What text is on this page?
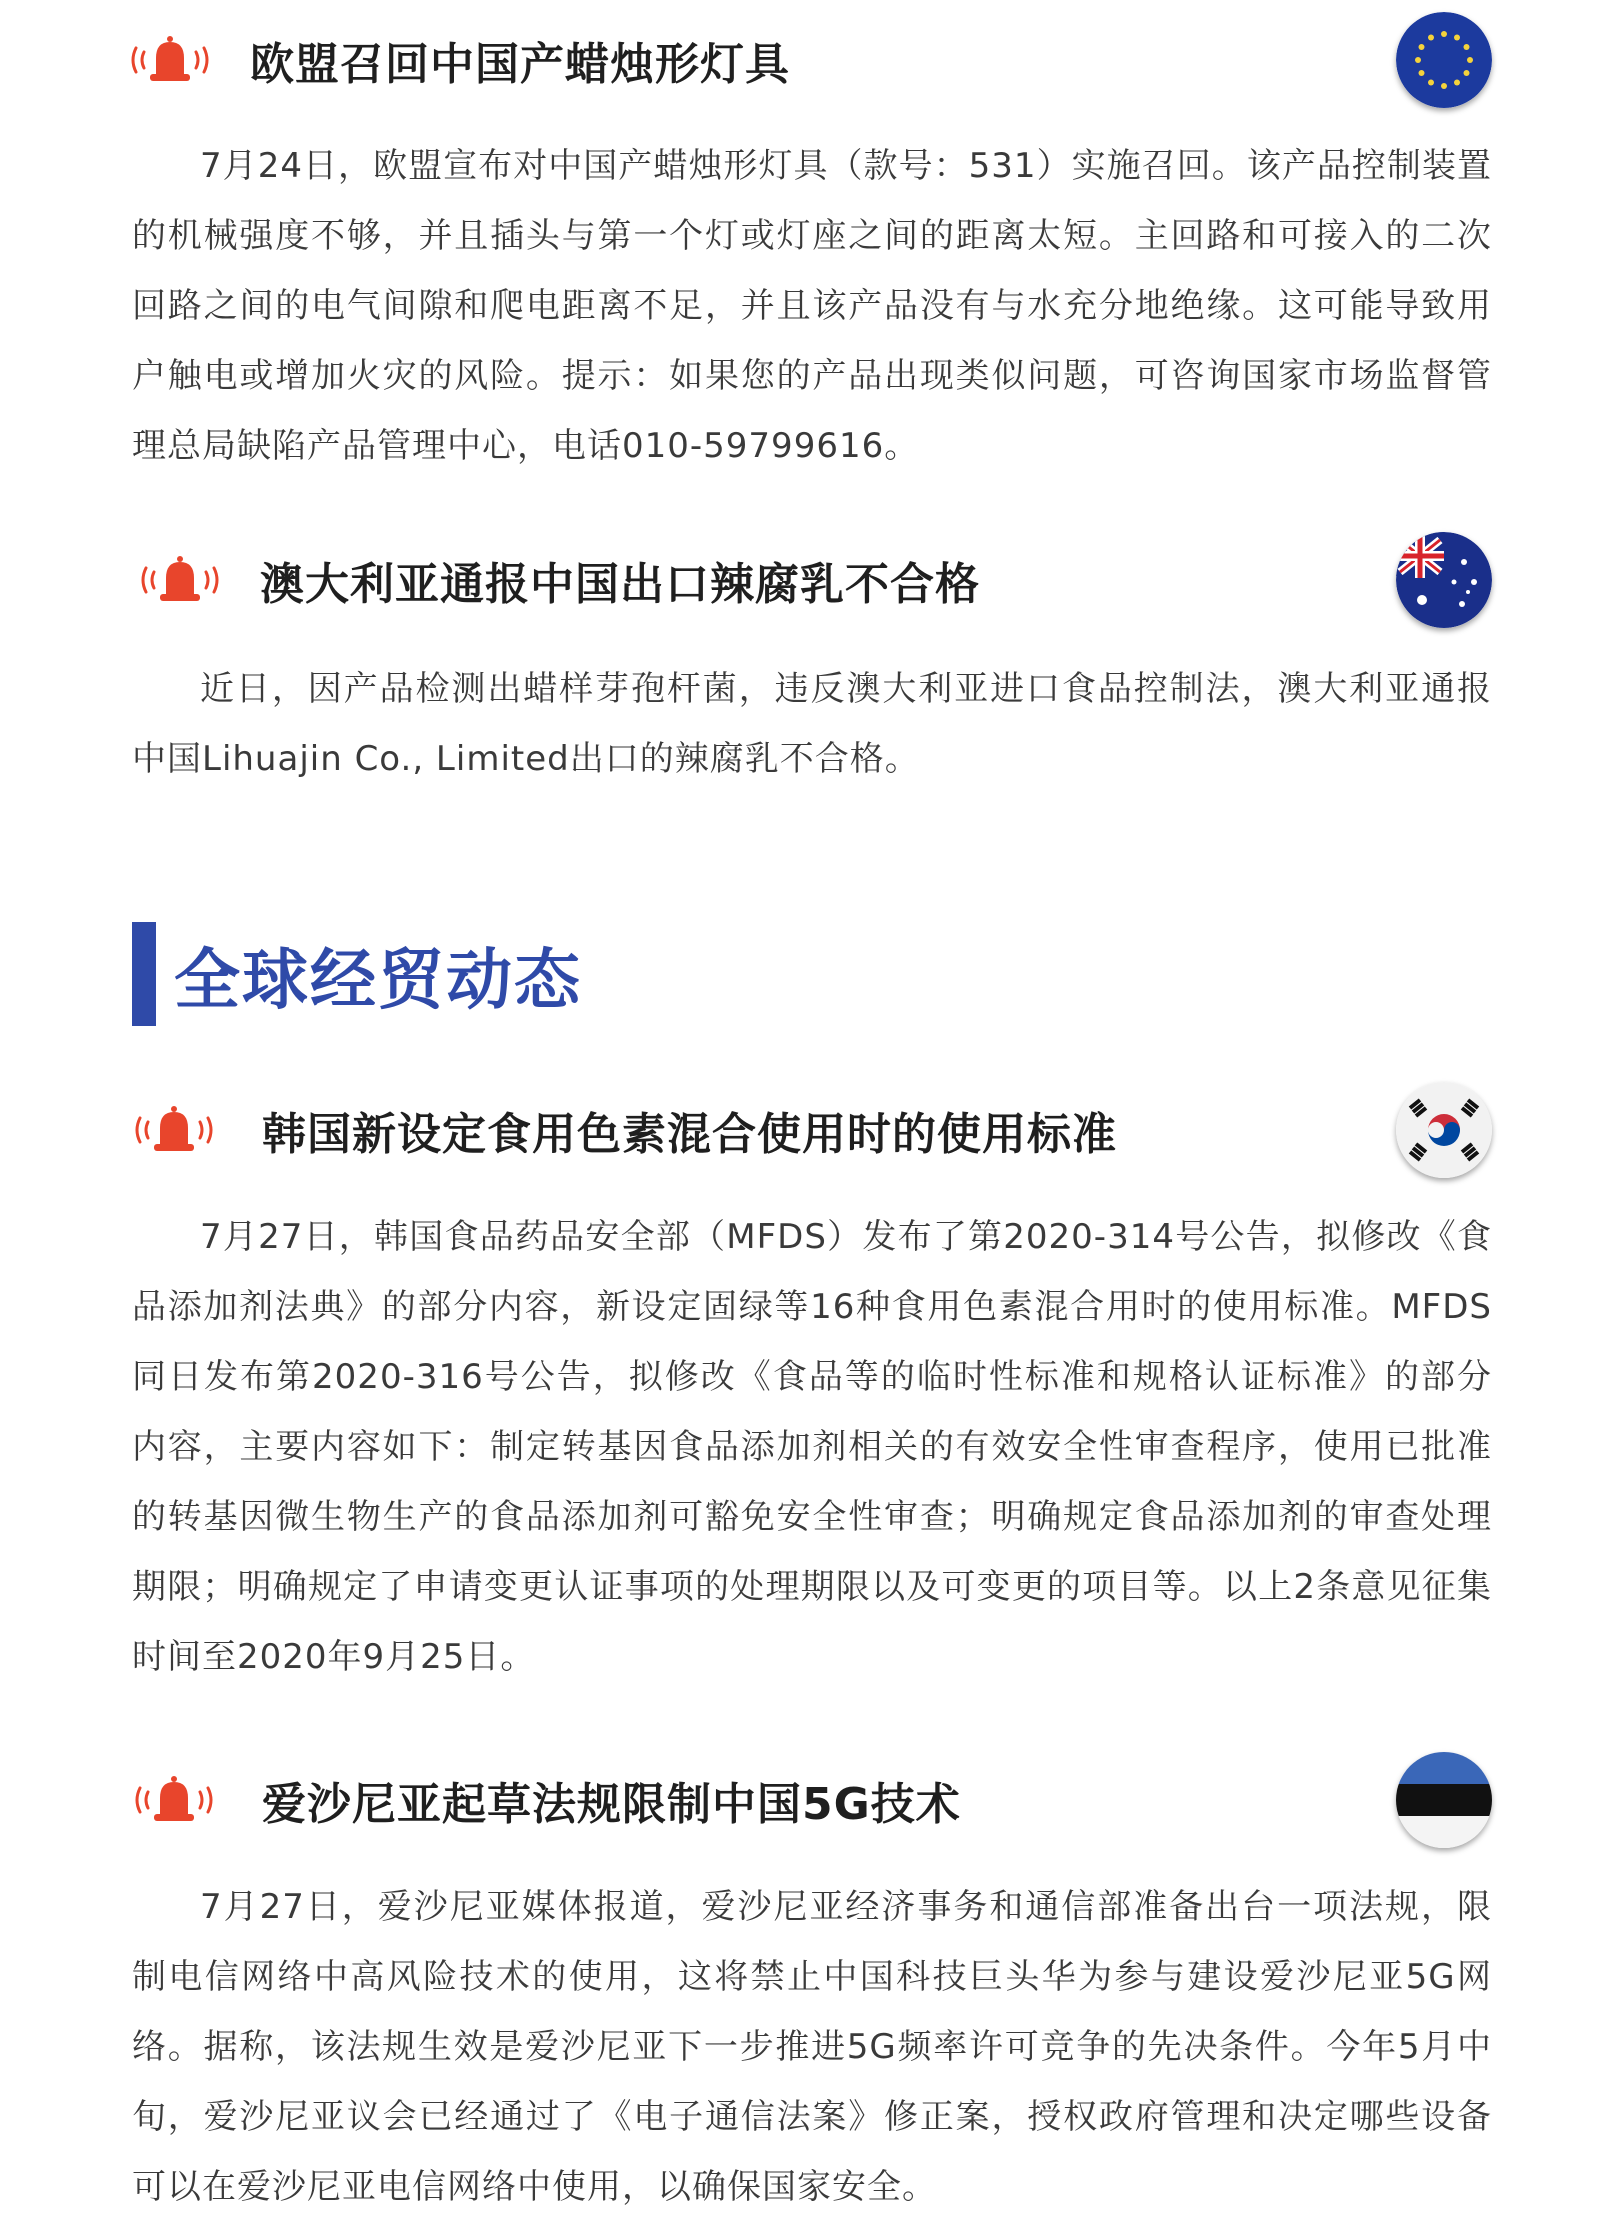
欧盟召回中国产蜡烛形灯具

7月24日，欧盟宣布对中国产蜡烛形灯具（款号：531）实施召回。该产品控制装置的机械强度不够，并且插头与第一个灯或灯座之间的距离太短。主回路和可接入的二次回路之间的电气间隙和爬电距离不足，并且该产品没有与水充分地绝缘。这可能导致用户触电或增加火灾的风险。提示：如果您的产品出现类似问题，可咨询国家市场监督管理总局缺陷产品管理中心，电话010-59799616。

澳大利亚通报中国出口辣腐乳不合格

近日，因产品检测出蜡样芽孢杆菌，违反澳大利亚进口食品控制法，澳大利亚通报中国Lihuajin Co., Limited出口的辣腐乳不合格。

全球经贸动态
韩国新设定食用色素混合使用时的使用标准

7月27日，韩国食品药品安全部（MFDS）发布了第2020-314号公告，拟修改《食品添加剂法典》的部分内容，新设定固绿等16种食用色素混合用时的使用标准。MFDS同日发布第2020-316号公告，拟修改《食品等的临时性标准和规格认证标准》的部分内容，主要内容如下：制定转基因食品添加剂相关的有效安全性审查程序，使用已批准的转基因微生物生产的食品添加剂可豁免安全性审查；明确规定食品添加剂的审查处理期限；明确规定了申请变更认证事项的处理期限以及可变更的项目等。以上2条意见征集时间至2020年9月25日。

爱沙尼亚起草法规限制中国5G技术

7月27日，爱沙尼亚媒体报道，爱沙尼亚经济事务和通信部准备出台一项法规，限制电信网络中高风险技术的使用，这将禁止中国科技巨头华为参与建设爱沙尼亚5G网络。据称，该法规生效是爱沙尼亚下一步推进5G频率许可竞争的先决条件。今年5月中旬，爱沙尼亚议会已经通过了《电子通信法案》修正案，授权政府管理和决定哪些设备可以在爱沙尼亚电信网络中使用，以确保国家安全。
